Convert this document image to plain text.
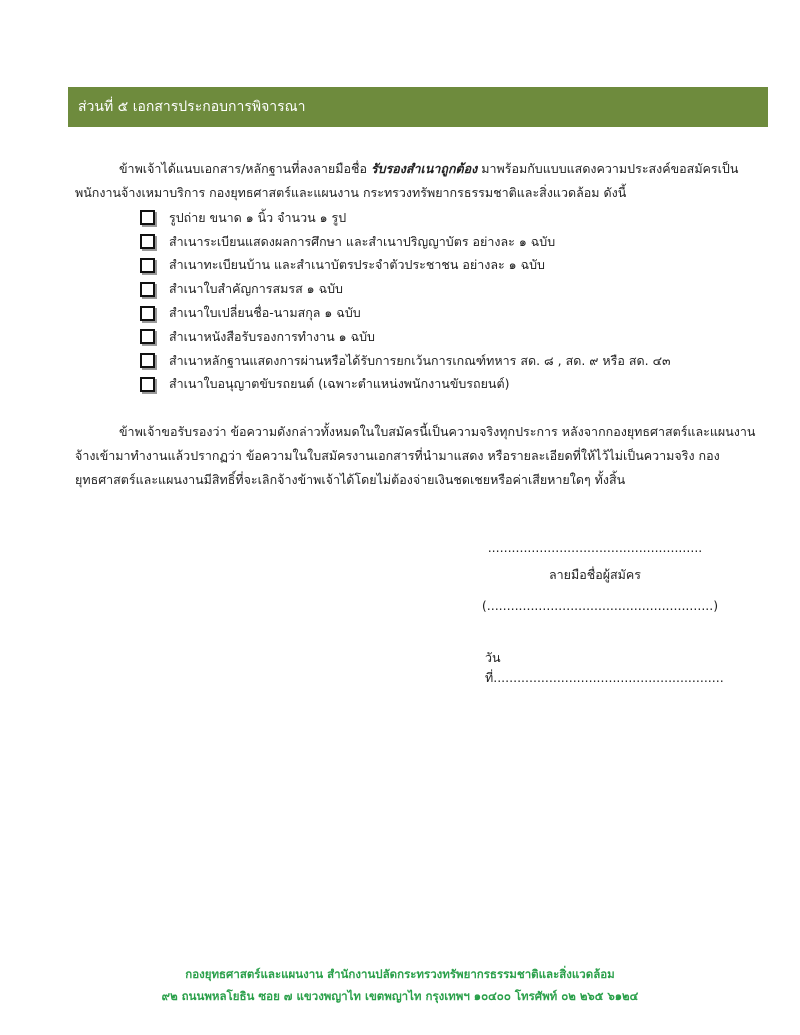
ส่วนที่ ๕ เอกสารประกอบการพิจารณา
ข้าพเจ้าได้แนบเอกสาร/หลักฐานที่ลงลายมือชื่อ รับรองสำเนาถูกต้อง มาพร้อมกับแบบแสดงความประสงค์ขอสมัครเป็นพนักงานจ้างเหมาบริการ กองยุทธศาสตร์และแผนงาน กระทรวงทรัพยากรธรรมชาติและสิ่งแวดล้อม ดังนี้
รูปถ่าย ขนาด ๑ นิ้ว จำนวน ๑ รูป
สำเนาระเบียนแสดงผลการศึกษา และสำเนาปริญญาบัตร อย่างละ ๑ ฉบับ
สำเนาทะเบียนบ้าน และสำเนาบัตรประจำตัวประชาชน อย่างละ ๑ ฉบับ
สำเนาใบสำคัญการสมรส ๑ ฉบับ
สำเนาใบเปลี่ยนชื่อ-นามสกุล ๑ ฉบับ
สำเนาหนังสือรับรองการทำงาน ๑ ฉบับ
สำเนาหลักฐานแสดงการผ่านหรือได้รับการยกเว้นการเกณฑ์ทหาร สด. ๘ , สด. ๙ หรือ สด. ๔๓
สำเนาใบอนุญาตขับรถยนต์ (เฉพาะตำแหน่งพนักงานขับรถยนต์)
ข้าพเจ้าขอรับรองว่า ข้อความดังกล่าวทั้งหมดในใบสมัครนี้เป็นความจริงทุกประการ หลังจากกองยุทธศาสตร์และแผนงานจ้างเข้ามาทำงานแล้วปรากฏว่า ข้อความในใบสมัครงานเอกสารที่นำมาแสดง หรือรายละเอียดที่ให้ไว้ไม่เป็นความจริง กองยุทธศาสตร์และแผนงานมีสิทธิ์ที่จะเลิกจ้างข้าพเจ้าได้โดยไม่ต้องจ่ายเงินชดเชยหรือค่าเสียหายใดๆ ทั้งสิ้น
......................................................
ลายมือชื่อผู้สมัคร
(.........................................................)
วันที่..........................................................
กองยุทธศาสตร์และแผนงาน สำนักงานปลัดกระทรวงทรัพยากรธรรมชาติและสิ่งแวดล้อม
๙๒ ถนนพหลโยธิน ซอย ๗ แขวงพญาไท เขตพญาไท กรุงเทพฯ ๑๐๔๐๐ โทรศัพท์ ๐๒ ๒๖๕ ๖๑๒๔
